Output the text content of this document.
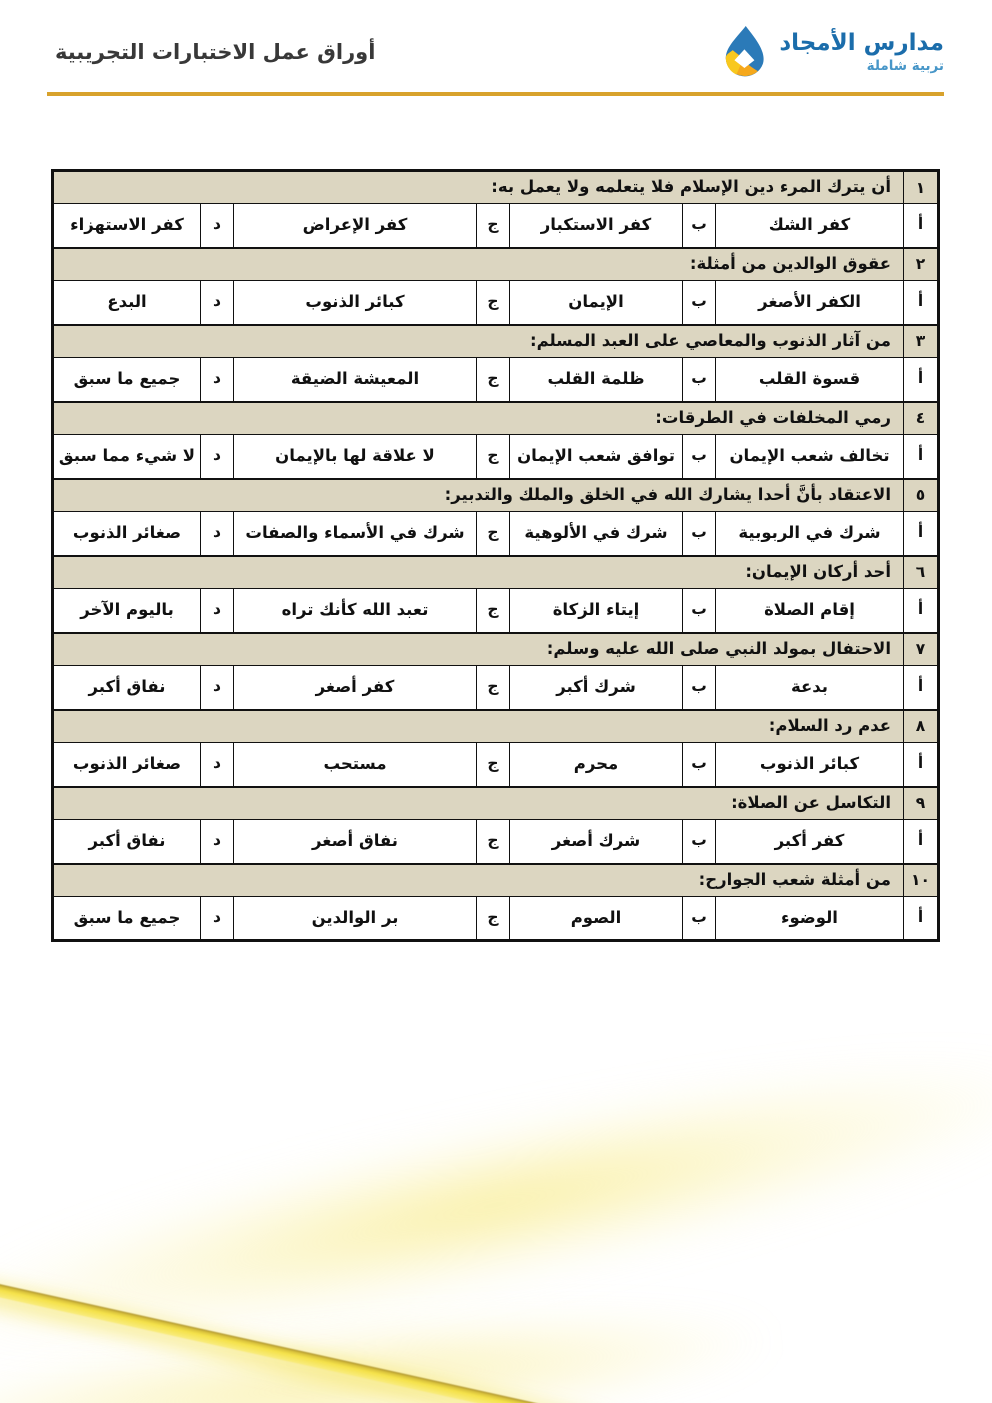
مدارس الأمجاد
تربية شاملة
أوراق عمل الاختبارات التجريبية
١	أن يترك المرء دين الإسلام فلا يتعلمه ولا يعمل به:						
أ	كفر الشك	ب	كفر الاستكبار	ج	كفر الإعراض	د	كفر الاستهزاء
٢	عقوق الوالدين من أمثلة:						
أ	الكفر الأصغر	ب	الإيمان	ج	كبائر الذنوب	د	البدع
٣	من آثار الذنوب والمعاصي على العبد المسلم:						
أ	قسوة القلب	ب	ظلمة القلب	ج	المعيشة الضيقة	د	جميع ما سبق
٤	رمي المخلفات في الطرقات:						
أ	تخالف شعب الإيمان	ب	توافق شعب الإيمان	ج	لا علاقة لها بالإيمان	د	لا شيء مما سبق
٥	الاعتقاد بأنَّ أحدا يشارك الله في الخلق والملك والتدبير:						
أ	شرك في الربوبية	ب	شرك في الألوهية	ج	شرك في الأسماء والصفات	د	صغائر الذنوب
٦	أحد أركان الإيمان:						
أ	إقام الصلاة	ب	إيتاء الزكاة	ج	تعبد الله كأنك تراه	د	باليوم الآخر
٧	الاحتفال بمولد النبي صلى الله عليه وسلم:						
أ	بدعة	ب	شرك أكبر	ج	كفر أصغر	د	نفاق أكبر
٨	عدم رد السلام:						
أ	كبائر الذنوب	ب	محرم	ج	مستحب	د	صغائر الذنوب
٩	التكاسل عن الصلاة:						
أ	كفر أكبر	ب	شرك أصغر	ج	نفاق أصغر	د	نفاق أكبر
١٠	من أمثلة شعب الجوارح:						
أ	الوضوء	ب	الصوم	ج	بر الوالدين	د	جميع ما سبق
